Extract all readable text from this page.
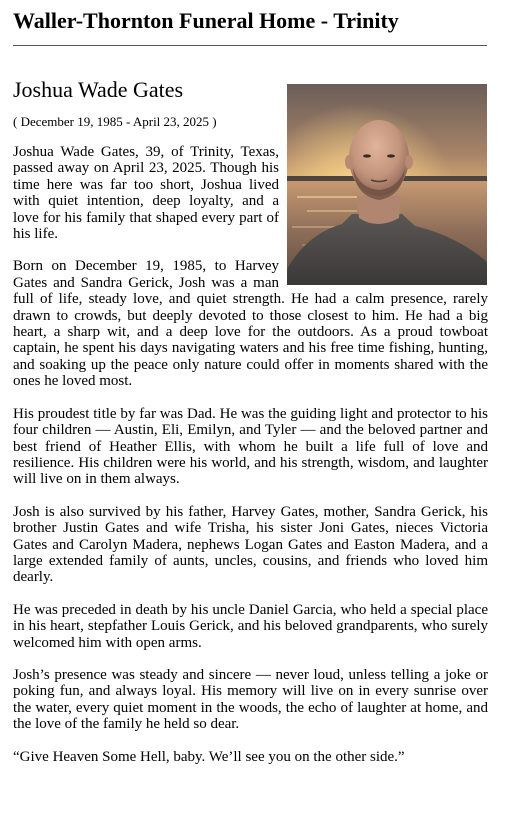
Waller-Thornton Funeral Home - Trinity
Joshua Wade Gates

( December 19, 1985 - April 23, 2025 )

Joshua Wade Gates, 39, of Trinity, Texas, passed away on April 23, 2025. Though his time here was far too short, Joshua lived with quiet intention, deep loyalty, and a love for his family that shaped every part of his life.

Born on December 19, 1985, to Harvey Gates and Sandra Gerick, Josh was a man full of life, steady love, and quiet strength. He had a calm presence, rarely drawn to crowds, but deeply devoted to those closest to him. He had a big heart, a sharp wit, and a deep love for the outdoors. As a proud towboat captain, he spent his days navigating waters and his free time fishing, hunting, and soaking up the peace only nature could offer in moments shared with the ones he loved most.

His proudest title by far was Dad. He was the guiding light and protector to his four children — Austin, Eli, Emilyn, and Tyler — and the beloved partner and best friend of Heather Ellis, with whom he built a life full of love and resilience. His children were his world, and his strength, wisdom, and laughter will live on in them always.

Josh is also survived by his father, Harvey Gates, mother, Sandra Gerick, his brother Justin Gates and wife Trisha, his sister Joni Gates, nieces Victoria Gates and Carolyn Madera, nephews Logan Gates and Easton Madera, and a large extended family of aunts, uncles, cousins, and friends who loved him dearly.

He was preceded in death by his uncle Daniel Garcia, who held a special place in his heart, stepfather Louis Gerick, and his beloved grandparents, who surely welcomed him with open arms.

Josh’s presence was steady and sincere — never loud, unless telling a joke or poking fun, and always loyal. His memory will live on in every sunrise over the water, every quiet moment in the woods, the echo of laughter at home, and the love of the family he held so dear.

“Give Heaven Some Hell, baby. We’ll see you on the other side.”
